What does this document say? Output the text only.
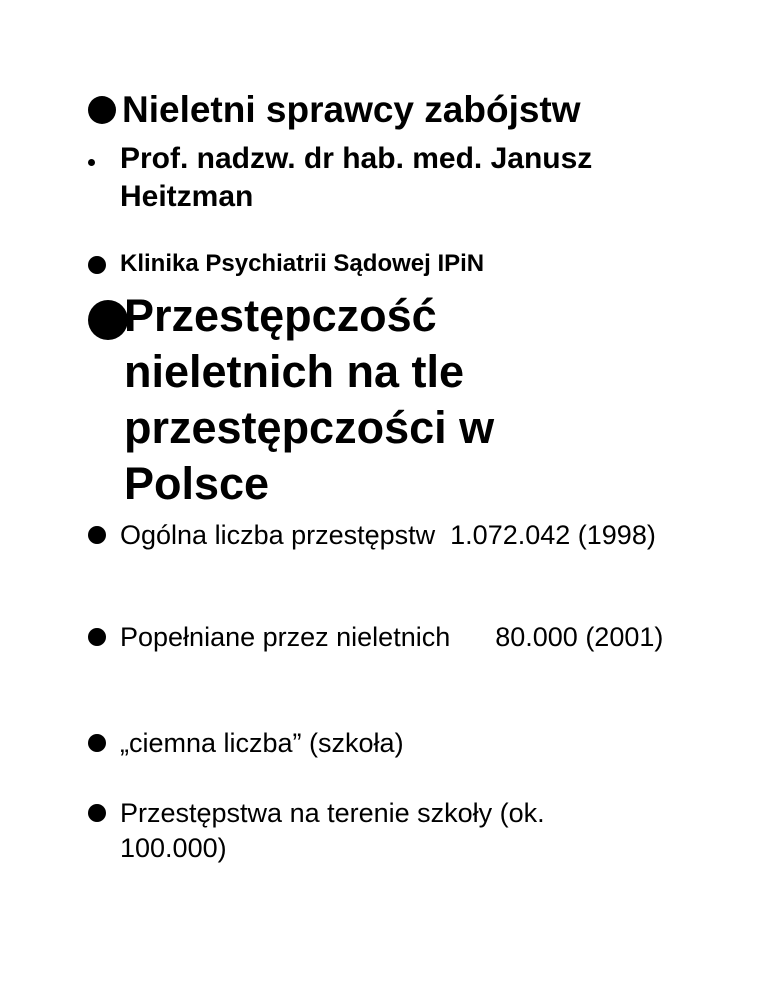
Nieletni sprawcy zabójstw
Prof. nadzw. dr hab. med. Janusz Heitzman
Klinika Psychiatrii Sądowej IPiN
Przestępczość nieletnich na tle przestępczości w Polsce
Ogólna liczba przestępstw  1.072.042 (1998)
Popełniane przez nieletnich      80.000 (2001)
„ciemna liczba” (szkoła)
Przestępstwa na terenie szkoły (ok. 100.000)
